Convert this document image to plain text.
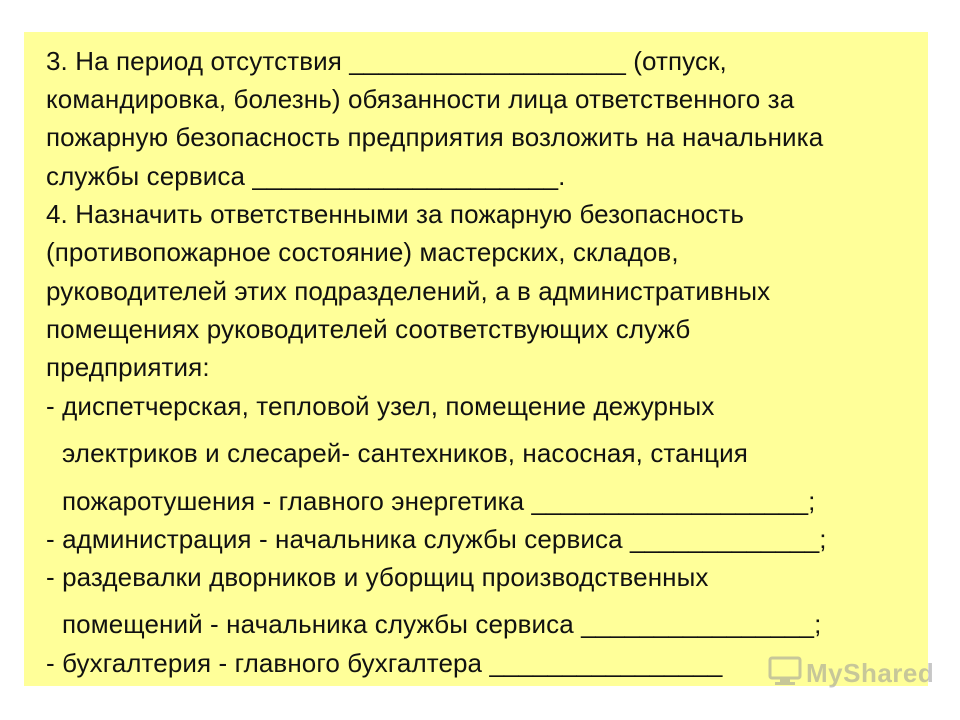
3. На период отсутствия ___________________ (отпуск,
командировка, болезнь) обязанности лица ответственного за
пожарную безопасность предприятия возложить на начальника
службы сервиса _____________________.
4. Назначить ответственными за пожарную безопасность
(противопожарное состояние) мастерских, складов,
руководителей этих подразделений, а в административных
помещениях руководителей соответствующих служб
предприятия:
- диспетчерская, тепловой узел, помещение дежурных
электриков и слесарей- сантехников, насосная, станция
пожаротушения - главного энергетика ___________________;
- администрация - начальника службы сервиса _____________;
- раздевалки дворников и уборщиц производственных
помещений - начальника службы сервиса ________________;
- бухгалтерия - главного бухгалтера ________________	MyShared
